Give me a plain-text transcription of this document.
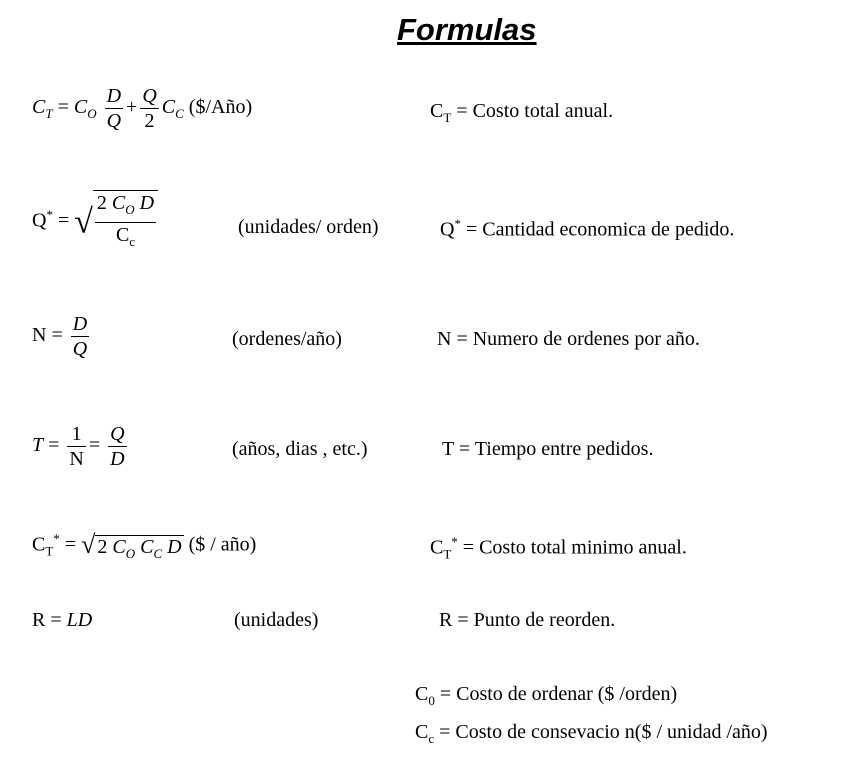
Formulas
$C_T = C_O \frac{D}{Q} + \frac{Q}{2} C_C$ ($/Año)	$C_T$ = Costo total anual.
Q* = √ $\frac{2 C_O D}{C_c}$	(unidades/ orden)	Q* = Cantidad economica de pedido.
$N = \frac{D}{Q}$	(ordenes/año)	N = Numero de ordenes por año.
$T = \frac{1}{N} = \frac{Q}{D}$	(años, dias , etc.)	T = Tiempo entre pedidos.
$C_T^*$ = √ 2 $C_O$ $C_C$ D ($ / año)	$C_T^*$ = Costo total minimo anual.
R = LD	(unidades)	R = Punto de reorden.
$C_0$ = Costo de ordenar ($ /orden)
$C_c$ = Costo de consevacio n($ / unidad /año)
